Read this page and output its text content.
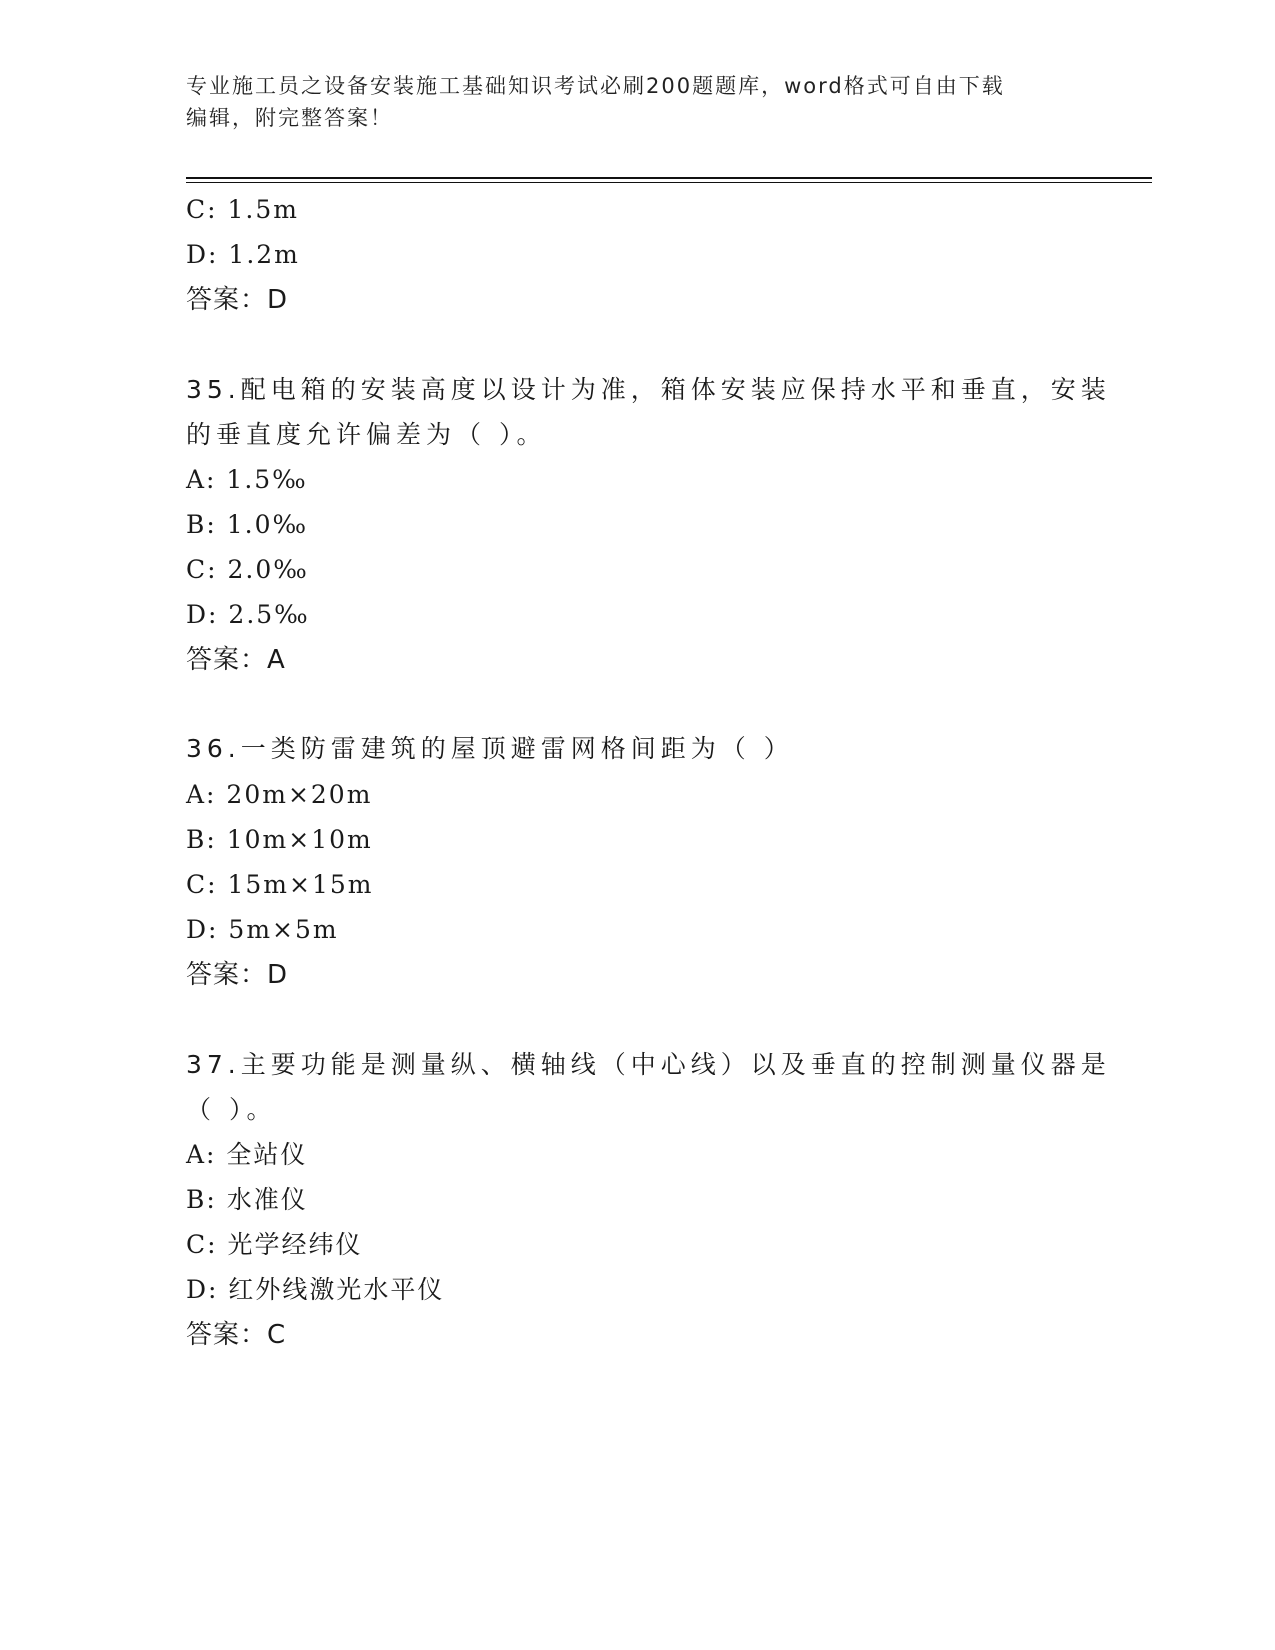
专业施工员之设备安装施工基础知识考试必刷200题题库，word格式可自由下载
编辑，附完整答案！
C: 1.5m
D: 1.2m
答案：D
35.配电箱的安装高度以设计为准，箱体安装应保持水平和垂直，安装
的垂直度允许偏差为（ ）。
A: 1.5‰
B: 1.0‰
C: 2.0‰
D: 2.5‰
答案：A
36.一类防雷建筑的屋顶避雷网格间距为（ ）
A: 20m×20m
B: 10m×10m
C: 15m×15m
D: 5m×5m
答案：D
37.主要功能是测量纵、横轴线（中心线）以及垂直的控制测量仪器是
（ ）。
A: 全站仪
B: 水准仪
C: 光学经纬仪
D: 红外线激光水平仪
答案：C
